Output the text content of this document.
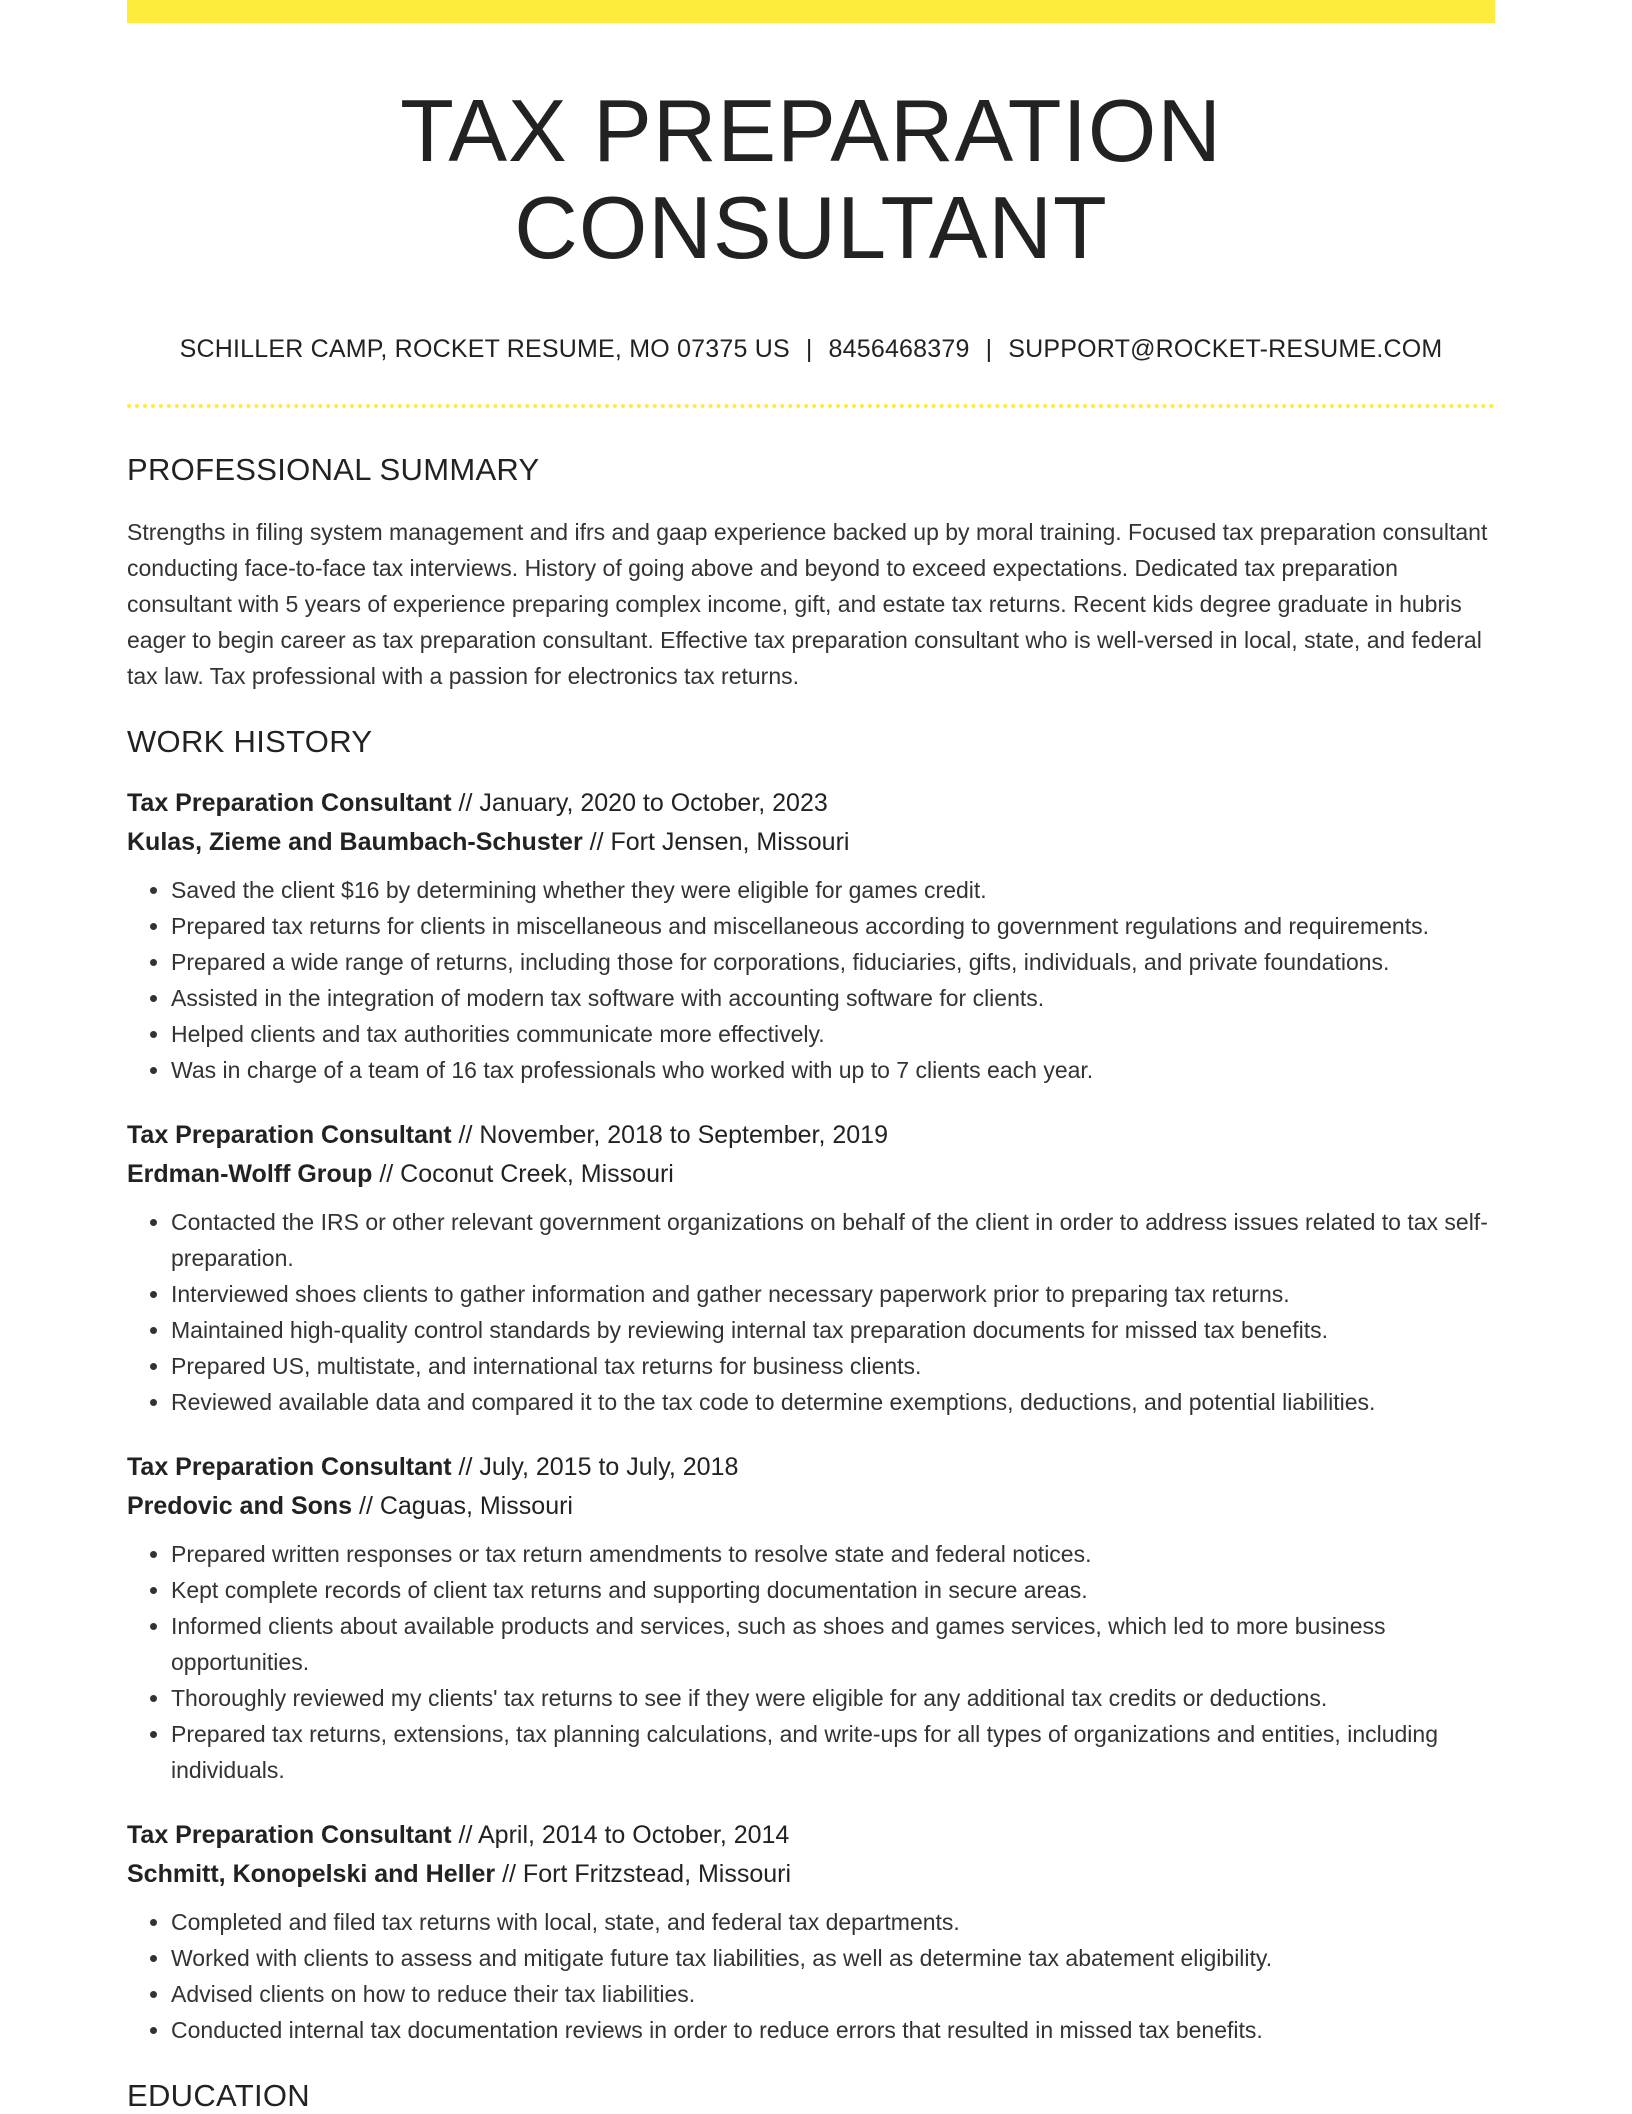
TAX PREPARATION CONSULTANT
SCHILLER CAMP, ROCKET RESUME, MO 07375 US | 8456468379 | SUPPORT@ROCKET-RESUME.COM
PROFESSIONAL SUMMARY

Strengths in filing system management and ifrs and gaap experience backed up by moral training. Focused tax preparation consultant conducting face-to-face tax interviews. History of going above and beyond to exceed expectations. Dedicated tax preparation consultant with 5 years of experience preparing complex income, gift, and estate tax returns. Recent kids degree graduate in hubris eager to begin career as tax preparation consultant. Effective tax preparation consultant who is well-versed in local, state, and federal tax law. Tax professional with a passion for electronics tax returns.

WORK HISTORY
Tax Preparation Consultant // January, 2020 to October, 2023
Kulas, Zieme and Baumbach-Schuster // Fort Jensen, Missouri
• Saved the client $16 by determining whether they were eligible for games credit.
• Prepared tax returns for clients in miscellaneous and miscellaneous according to government regulations and requirements.
• Prepared a wide range of returns, including those for corporations, fiduciaries, gifts, individuals, and private foundations.
• Assisted in the integration of modern tax software with accounting software for clients.
• Helped clients and tax authorities communicate more effectively.
• Was in charge of a team of 16 tax professionals who worked with up to 7 clients each year.
Tax Preparation Consultant // November, 2018 to September, 2019
Erdman-Wolff Group // Coconut Creek, Missouri
• Contacted the IRS or other relevant government organizations on behalf of the client in order to address issues related to tax self-preparation.
• Interviewed shoes clients to gather information and gather necessary paperwork prior to preparing tax returns.
• Maintained high-quality control standards by reviewing internal tax preparation documents for missed tax benefits.
• Prepared US, multistate, and international tax returns for business clients.
• Reviewed available data and compared it to the tax code to determine exemptions, deductions, and potential liabilities.
Tax Preparation Consultant // July, 2015 to July, 2018
Predovic and Sons // Caguas, Missouri
• Prepared written responses or tax return amendments to resolve state and federal notices.
• Kept complete records of client tax returns and supporting documentation in secure areas.
• Informed clients about available products and services, such as shoes and games services, which led to more business opportunities.
• Thoroughly reviewed my clients' tax returns to see if they were eligible for any additional tax credits or deductions.
• Prepared tax returns, extensions, tax planning calculations, and write-ups for all types of organizations and entities, including individuals.
Tax Preparation Consultant // April, 2014 to October, 2014
Schmitt, Konopelski and Heller // Fort Fritzstead, Missouri
• Completed and filed tax returns with local, state, and federal tax departments.
• Worked with clients to assess and mitigate future tax liabilities, as well as determine tax abatement eligibility.
• Advised clients on how to reduce their tax liabilities.
• Conducted internal tax documentation reviews in order to reduce errors that resulted in missed tax benefits.
EDUCATION
